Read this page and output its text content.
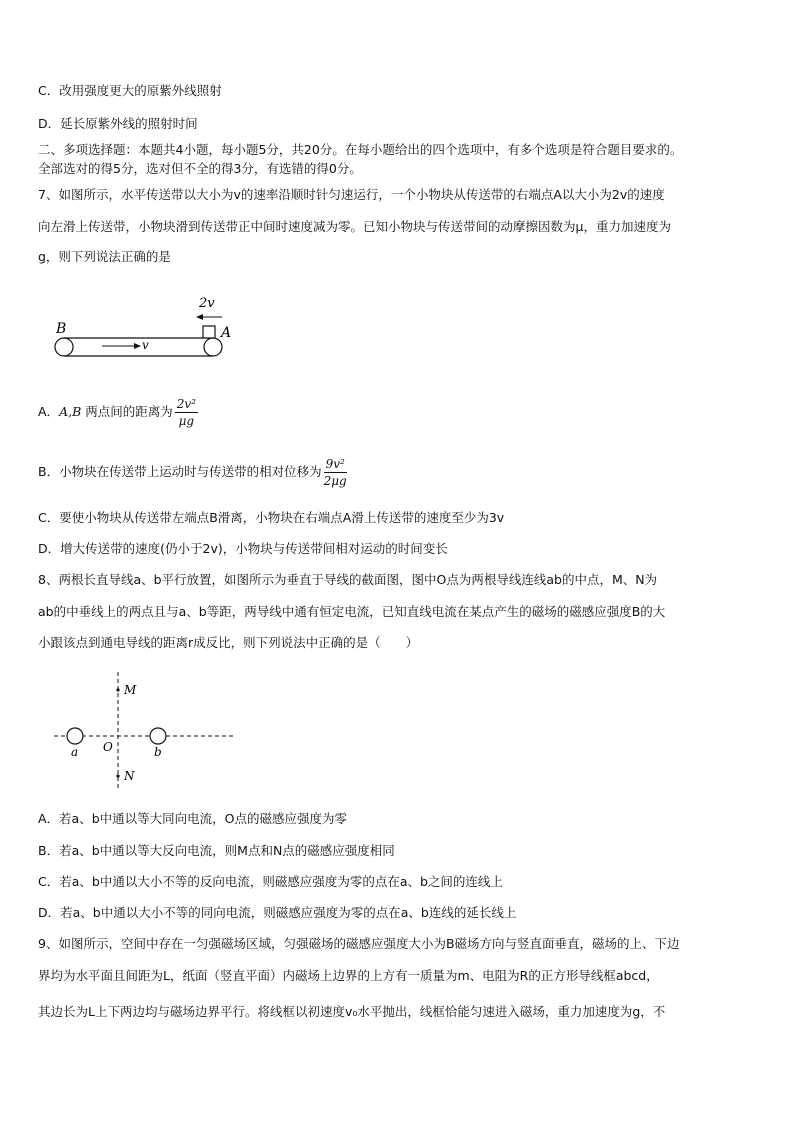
C．改用强度更大的原紫外线照射
D．延长原紫外线的照射时间
二、多项选择题：本题共4小题，每小题5分，共20分。在每小题给出的四个选项中，有多个选项是符合题目要求的。
全部选对的得5分，选对但不全的得3分，有选错的得0分。
7、如图所示，水平传送带以大小为v的速率沿顺时针匀速运行，一个小物块从传送带的右端点A以大小为2v的速度
向左滑上传送带，小物块滑到传送带正中间时速度减为零。已知小物块与传送带间的动摩擦因数为μ，重力加速度为
g，则下列说法正确的是
B	A
2v
v
A．A,B 两点间的距离为 $\frac{\text{2v²}}{\mu g}$
B．小物块在传送带上运动时与传送带的相对位移为 $\frac{\text{9v²}}{2\mu g}$
C．要使小物块从传送带左端点B滑离，小物块在右端点A滑上传送带的速度至少为3v
D．增大传送带的速度(仍小于2v)，小物块与传送带间相对运动的时间变长
8、两根长直导线a、b平行放置，如图所示为垂直于导线的截面图，图中O点为两根导线连线ab的中点，M、N为
ab的中垂线上的两点且与a、b等距，两导线中通有恒定电流，已知直线电流在某点产生的磁场的磁感应强度B的大
小跟该点到通电导线的距离r成反比，则下列说法中正确的是（　　）
M
N
a	b
O
A．若a、b中通以等大同向电流，O点的磁感应强度为零
B．若a、b中通以等大反向电流，则M点和N点的磁感应强度相同
C．若a、b中通以大小不等的反向电流，则磁感应强度为零的点在a、b之间的连线上
D．若a、b中通以大小不等的同向电流，则磁感应强度为零的点在a、b连线的延长线上
9、如图所示，空间中存在一匀强磁场区域，匀强磁场的磁感应强度大小为B磁场方向与竖直面垂直，磁场的上、下边
界均为水平面且间距为L，纸面（竖直平面）内磁场上边界的上方有一质量为m、电阻为R的正方形导线框abcd，
其边长为L上下两边均与磁场边界平行。将线框以初速度v₀水平抛出，线框恰能匀速进入磁场，重力加速度为g，不
